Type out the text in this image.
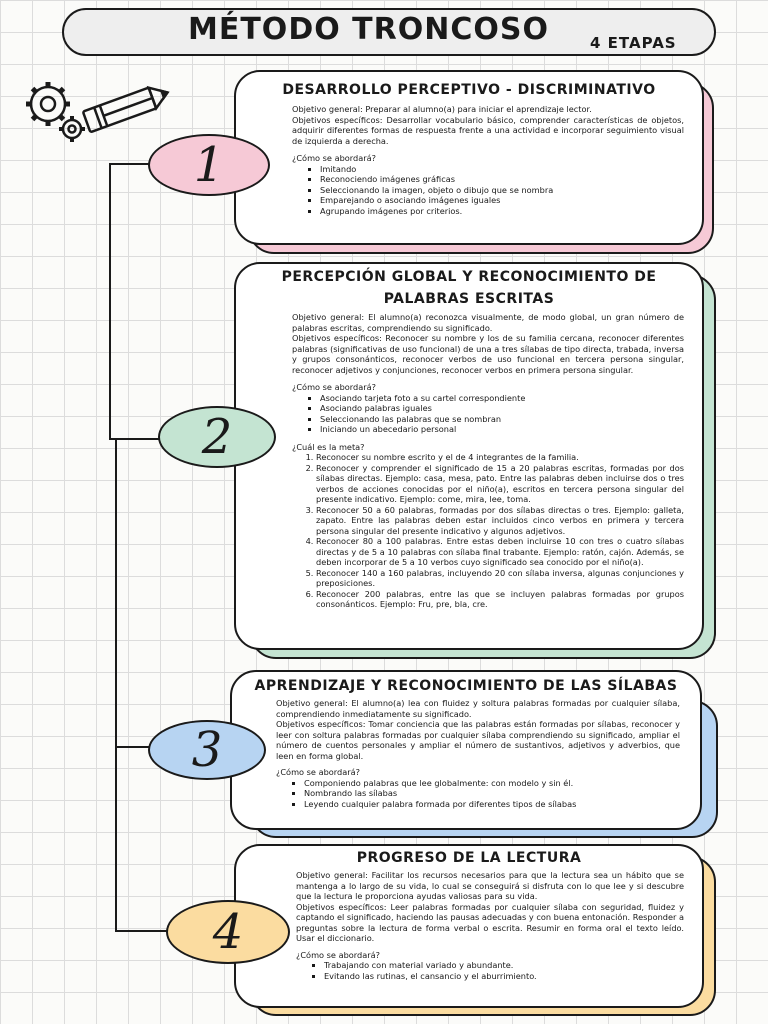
MÉTODO TRONCOSO	4 ETAPAS
DESARROLLO PERCEPTIVO - DISCRIMINATIVO

Objetivo general: Preparar al alumno(a) para iniciar el aprendizaje lector.

Objetivos específicos: Desarrollar vocabulario básico, comprender características de objetos, adquirir diferentes formas de respuesta frente a una actividad e incorporar seguimiento visual de izquierda a derecha.

¿Cómo se abordará?

▪ Imitando
▪ Reconociendo imágenes gráficas
▪ Seleccionando la imagen, objeto o dibujo que se nombra
▪ Emparejando o asociando imágenes iguales
▪ Agrupando imágenes por criterios.
1
PERCEPCIÓN GLOBAL Y RECONOCIMIENTO DE PALABRAS ESCRITAS

Objetivo general: El alumno(a) reconozca visualmente, de modo global, un gran número de palabras escritas, comprendiendo su significado.

Objetivos específicos: Reconocer su nombre y los de su familia cercana, reconocer diferentes palabras (significativas de uso funcional) de una a tres sílabas de tipo directa, trabada, inversa y grupos consonánticos, reconocer verbos de uso funcional en tercera persona singular, reconocer adjetivos y conjunciones, reconocer verbos en primera persona singular.

¿Cómo se abordará?

▪ Asociando tarjeta foto a su cartel correspondiente
▪ Asociando palabras iguales
▪ Seleccionando las palabras que se nombran
▪ Iniciando un abecedario personal

¿Cuál es la meta?

1. Reconocer su nombre escrito y el de 4 integrantes de la familia.
2. Reconocer y comprender el significado de 15 a 20 palabras escritas, formadas por dos sílabas directas. Ejemplo: casa, mesa, pato. Entre las palabras deben incluirse dos o tres verbos de acciones conocidas por el niño(a), escritos en tercera persona singular del presente indicativo. Ejemplo: come, mira, lee, toma.
3. Reconocer 50 a 60 palabras, formadas por dos sílabas directas o tres. Ejemplo: galleta, zapato. Entre las palabras deben estar incluidos cinco verbos en primera y tercera persona singular del presente indicativo y algunos adjetivos.
4. Reconocer 80 a 100 palabras. Entre estas deben incluirse 10 con tres o cuatro sílabas directas y de 5 a 10 palabras con sílaba final trabante. Ejemplo: ratón, cajón. Además, se deben incorporar de 5 a 10 verbos cuyo significado sea conocido por el niño(a).
5. Reconocer 140 a 160 palabras, incluyendo 20 con sílaba inversa, algunas conjunciones y preposiciones.
6. Reconocer 200 palabras, entre las que se incluyen palabras formadas por grupos consonánticos. Ejemplo: Fru, pre, bla, cre.
2
APRENDIZAJE Y RECONOCIMIENTO DE LAS SÍLABAS

Objetivo general: El alumno(a) lea con fluidez y soltura palabras formadas por cualquier sílaba, comprendiendo inmediatamente su significado.

Objetivos específicos: Tomar conciencia que las palabras están formadas por sílabas, reconocer y leer con soltura palabras formadas por cualquier sílaba comprendiendo su significado, ampliar el número de cuentos personales y ampliar el número de sustantivos, adjetivos y adverbios, que leen en forma global.

¿Cómo se abordará?

▪ Componiendo palabras que lee globalmente: con modelo y sin él.
▪ Nombrando las sílabas
▪ Leyendo cualquier palabra formada por diferentes tipos de sílabas
3
PROGRESO DE LA LECTURA

Objetivo general: Facilitar los recursos necesarios para que la lectura sea un hábito que se mantenga a lo largo de su vida, lo cual se conseguirá si disfruta con lo que lee y si descubre que la lectura le proporciona ayudas valiosas para su vida.

Objetivos específicos: Leer palabras formadas por cualquier sílaba con seguridad, fluidez y captando el significado, haciendo las pausas adecuadas y con buena entonación. Responder a preguntas sobre la lectura de forma verbal o escrita. Resumir en forma oral el texto leído. Usar el diccionario.

¿Cómo se abordará?

▪ Trabajando con material variado y abundante.
▪ Evitando las rutinas, el cansancio y el aburrimiento.
4
